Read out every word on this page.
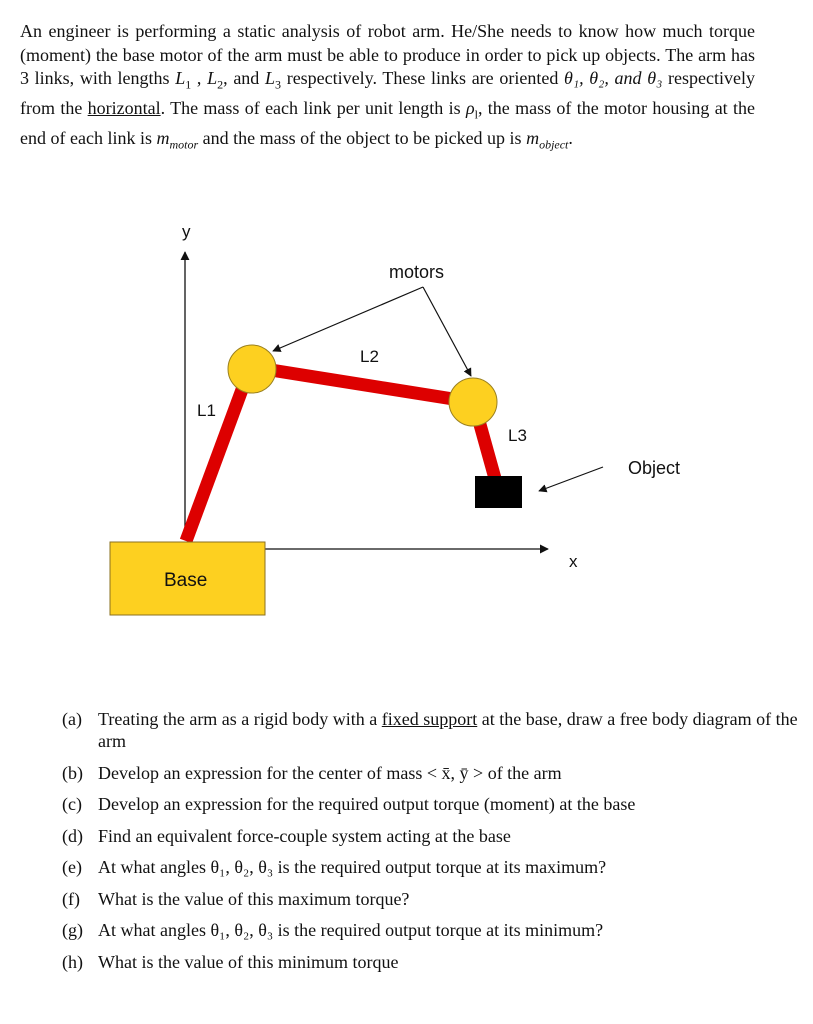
An engineer is performing a static analysis of robot arm. He/She needs to know how much torque (moment) the base motor of the arm must be able to produce in order to pick up objects. The arm has 3 links, with lengths $L_1$ , $L_2$, and $L_3$ respectively. These links are oriented θ₁, θ₂, and θ₃ respectively from the horizontal. The mass of each link per unit length is $\rho_l$, the mass of the motor housing at the end of each link is $m_{motor}$ and the mass of the object to be picked up is $m_{object}$.
y
x
Base
motors
L1
L2
L3
Object
(a) Treating the arm as a rigid body with a fixed support at the base, draw a free body diagram of the arm
(b) Develop an expression for the center of mass < x̄, ȳ > of the arm
(c) Develop an expression for the required output torque (moment) at the base
(d) Find an equivalent force-couple system acting at the base
(e) At what angles θ₁, θ₂, θ₃ is the required output torque at its maximum?
(f)	What is the value of this maximum torque?
(g) At what angles θ₁, θ₂, θ₃ is the required output torque at its minimum?
(h) What is the value of this minimum torque
